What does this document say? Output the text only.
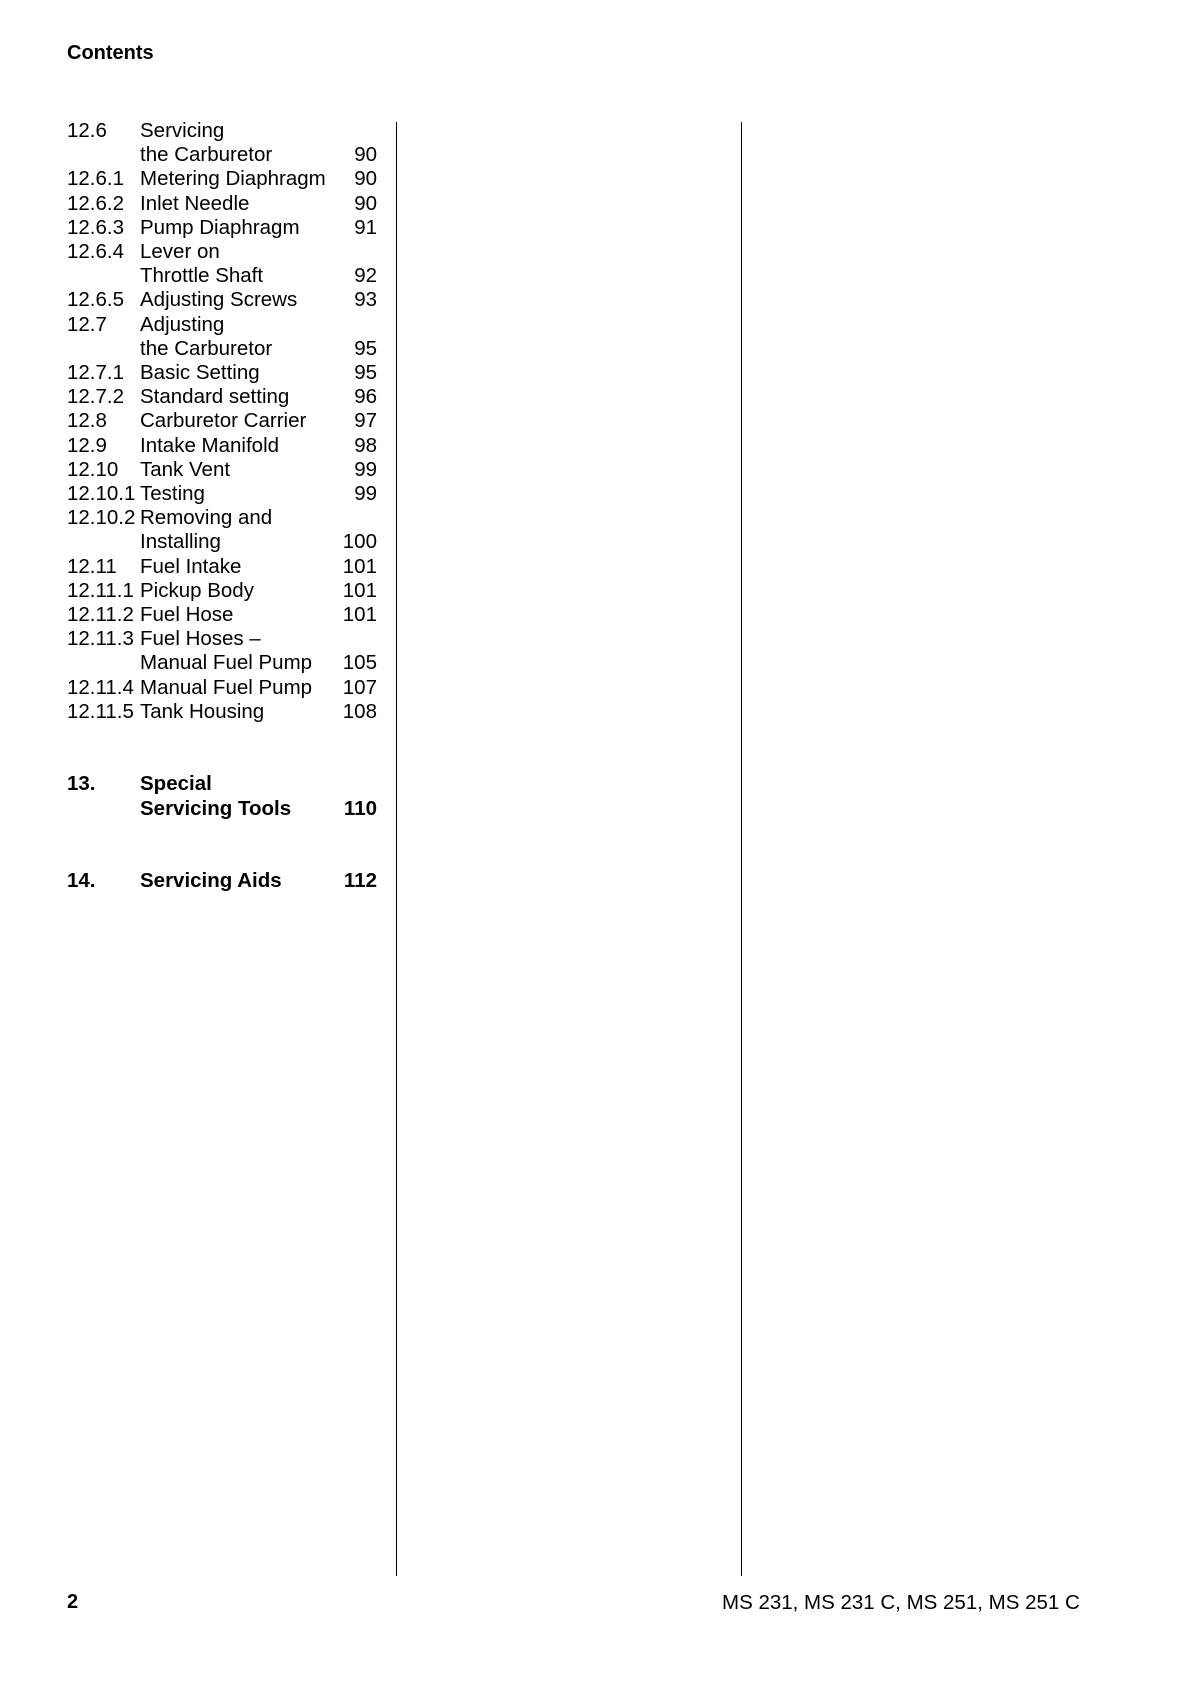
Contents
12.6	Servicing	
	the Carburetor	90
12.6.1	Metering Diaphragm	90
12.6.2	Inlet Needle	90
12.6.3	Pump Diaphragm	91
12.6.4	Lever on	
	Throttle Shaft	92
12.6.5	Adjusting Screws	93
12.7	Adjusting	
	the Carburetor	95
12.7.1	Basic Setting	95
12.7.2	Standard setting	96
12.8	Carburetor Carrier	97
12.9	Intake Manifold	98
12.10	Tank Vent	99
12.10.1	Testing	99
12.10.2	Removing and	
	Installing	100
12.11	Fuel Intake	101
12.11.1	Pickup Body	101
12.11.2	Fuel Hose	101
12.11.3	Fuel Hoses –	
	Manual Fuel Pump	105
12.11.4	Manual Fuel Pump	107
12.11.5	Tank Housing	108

13.	Special	
	Servicing Tools	110

14.	Servicing Aids	112
2	MS 231, MS 231 C, MS 251, MS 251 C
